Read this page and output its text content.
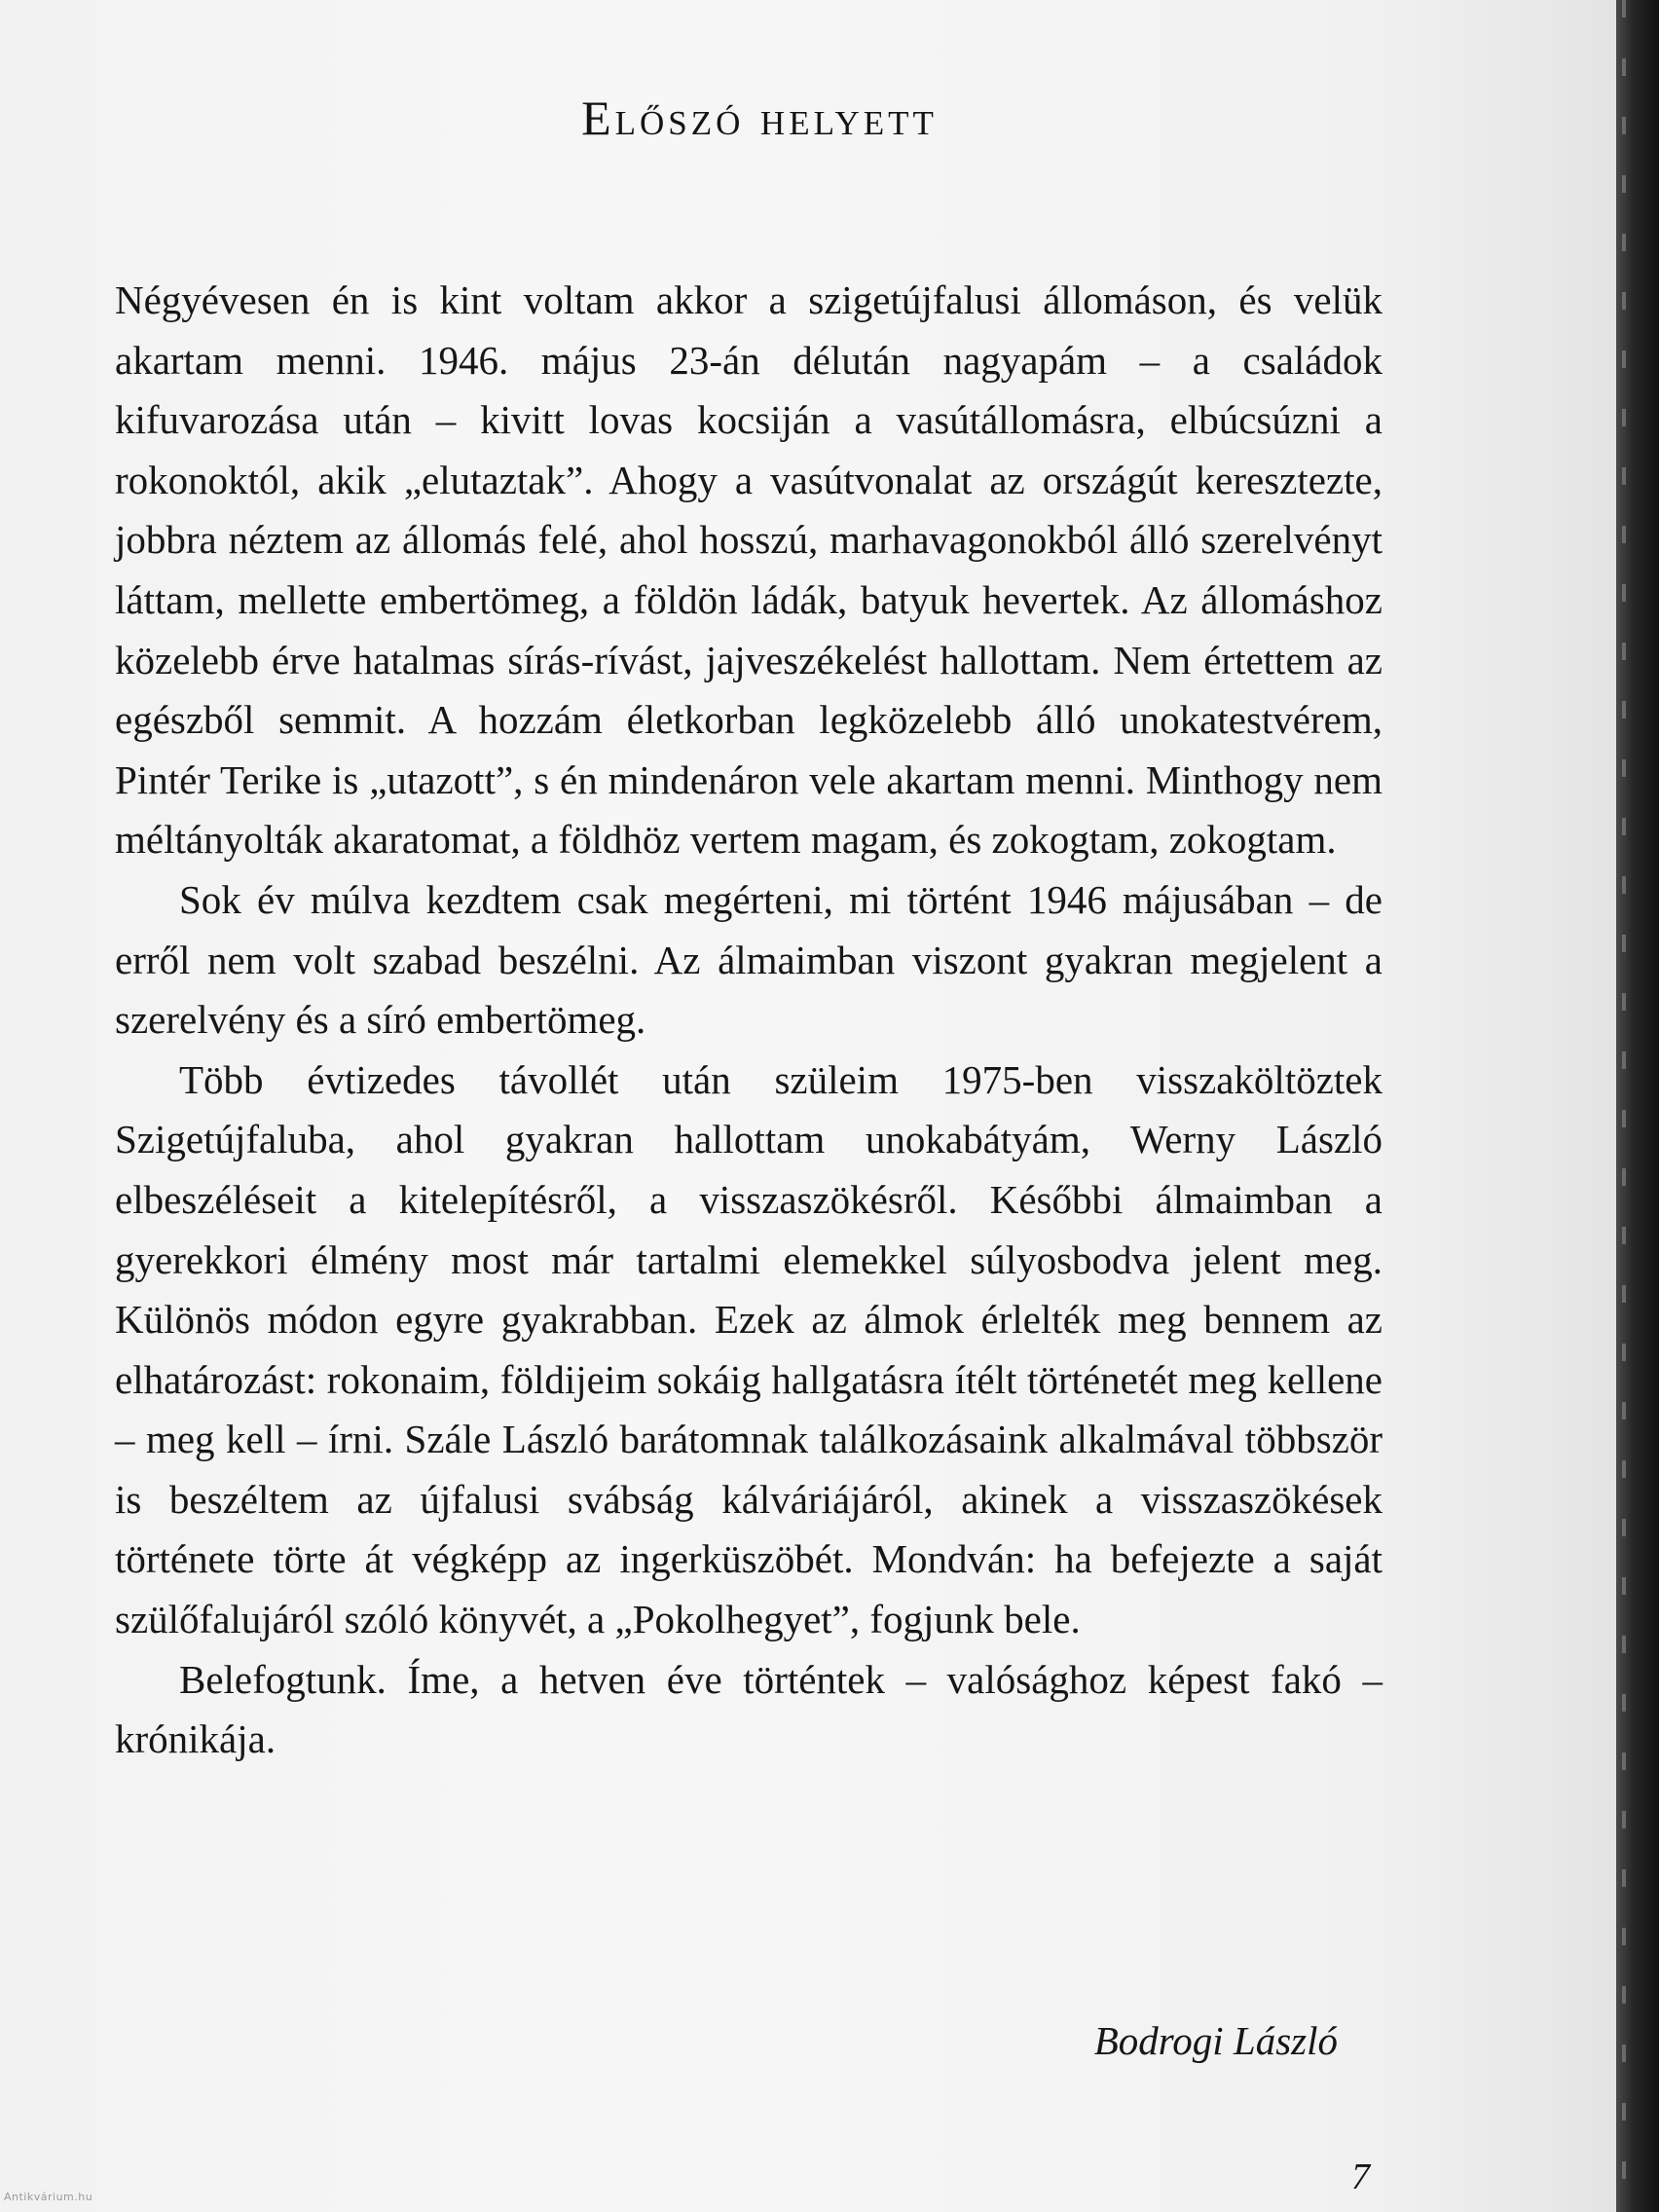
Előszó helyett

Négyévesen én is kint voltam akkor a szigetújfalusi állomáson, és velük akartam menni. 1946. május 23-án délután nagyapám – a családok kifuvarozása után – kivitt lovas kocsiján a vasútállomásra, elbúcsúzni a rokonoktól, akik „elutaztak”. Ahogy a vasútvonalat az országút keresztezte, jobbra néztem az állomás felé, ahol hosszú, marhavagonokból álló szerelvényt láttam, mellette embertömeg, a földön ládák, batyuk hevertek. Az állomáshoz közelebb érve hatalmas sírás-rívást, jajveszékelést hallottam. Nem értettem az egészből semmit. A hozzám életkorban legközelebb álló unokatestvérem, Pintér Terike is „utazott”, s én mindenáron vele akartam menni. Minthogy nem méltányolták akaratomat, a földhöz vertem magam, és zokogtam, zokogtam.

Sok év múlva kezdtem csak megérteni, mi történt 1946 májusában – de erről nem volt szabad beszélni. Az álmaimban viszont gyakran megjelent a szerelvény és a síró embertömeg.

Több évtizedes távollét után szüleim 1975-ben visszaköltöztek Szigetújfaluba, ahol gyakran hallottam unokabátyám, Werny László elbeszéléseit a kitelepítésről, a visszaszökésről. Későbbi álmaimban a gyerekkori élmény most már tartalmi elemekkel súlyosbodva jelent meg. Különös módon egyre gyakrabban. Ezek az álmok érlelték meg bennem az elhatározást: rokonaim, földijeim sokáig hallgatásra ítélt történetét meg kellene – meg kell – írni. Szále László barátomnak találkozásaink alkalmával többször is beszéltem az újfalusi svábság kálváriájáról, akinek a visszaszökések története törte át végképp az ingerküszöbét. Mondván: ha befejezte a saját szülőfalujáról szóló könyvét, a „Pokolhegyet”, fogjunk bele.

Belefogtunk. Íme, a hetven éve történtek – valósághoz képest fakó – krónikája.

Bodrogi László

7

Antikvárium.hu
